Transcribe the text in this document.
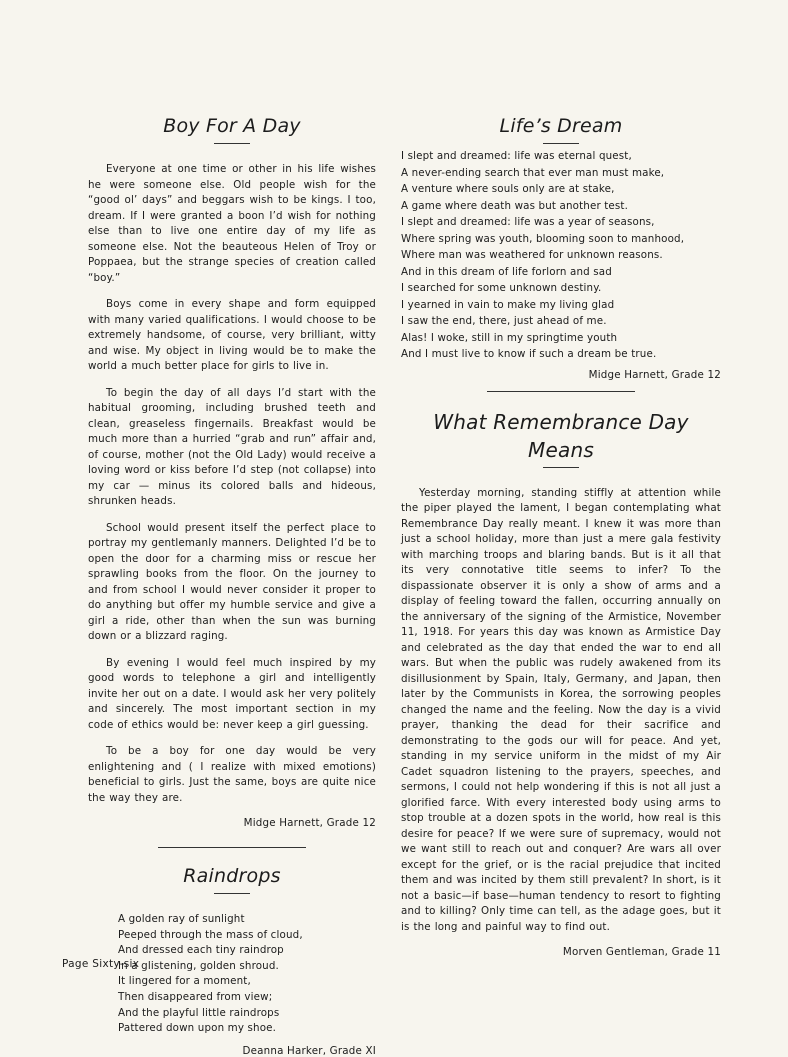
Boy For A Day

Everyone at one time or other in his life wishes he were someone else. Old people wish for the “good ol’ days” and beggars wish to be kings. I too, dream. If I were granted a boon I’d wish for nothing else than to live one entire day of my life as someone else. Not the beauteous Helen of Troy or Poppaea, but the strange species of creation called “boy.”

Boys come in every shape and form equipped with many varied qualifications. I would choose to be extremely handsome, of course, very brilliant, witty and wise. My object in living would be to make the world a much better place for girls to live in.

To begin the day of all days I’d start with the habitual grooming, including brushed teeth and clean, greaseless fingernails. Breakfast would be much more than a hurried “grab and run” affair and, of course, mother (not the Old Lady) would receive a loving word or kiss before I’d step (not collapse) into my car — minus its colored balls and hideous, shrunken heads.

School would present itself the perfect place to portray my gentlemanly manners. Delighted I’d be to open the door for a charming miss or rescue her sprawling books from the floor. On the journey to and from school I would never consider it proper to do anything but offer my humble service and give a girl a ride, other than when the sun was burning down or a blizzard raging.

By evening I would feel much inspired by my good words to telephone a girl and intelligently invite her out on a date. I would ask her very politely and sincerely. The most important section in my code of ethics would be: never keep a girl guessing.

To be a boy for one day would be very enlightening and ( I realize with mixed emotions) beneficial to girls. Just the same, boys are quite nice the way they are.

Midge Harnett, Grade 12

Raindrops
A golden ray of sunlight
Peeped through the mass of cloud,
And dressed each tiny raindrop
In a glistening, golden shroud.
It lingered for a moment,
Then disappeared from view;
And the playful little raindrops
Pattered down upon my shoe.

Deanna Harker, Grade XI

Life’s Dream
I slept and dreamed: life was eternal quest,
A never-ending search that ever man must make,
A venture where souls only are at stake,
A game where death was but another test.
I slept and dreamed: life was a year of seasons,
Where spring was youth, blooming soon to manhood,
Where man was weathered for unknown reasons.
And in this dream of life forlorn and sad
I searched for some unknown destiny.
I yearned in vain to make my living glad
I saw the end, there, just ahead of me.
Alas! I woke, still in my springtime youth
And I must live to know if such a dream be true.

Midge Harnett, Grade 12

What Remembrance Day Means

Yesterday morning, standing stiffly at attention while the piper played the lament, I began contemplating what Remembrance Day really meant. I knew it was more than just a school holiday, more than just a mere gala festivity with marching troops and blaring bands. But is it all that its very connotative title seems to infer? To the dispassionate observer it is only a show of arms and a display of feeling toward the fallen, occurring annually on the anniversary of the signing of the Armistice, November 11, 1918. For years this day was known as Armistice Day and celebrated as the day that ended the war to end all wars. But when the public was rudely awakened from its disillusionment by Spain, Italy, Germany, and Japan, then later by the Communists in Korea, the sorrowing peoples changed the name and the feeling. Now the day is a vivid prayer, thanking the dead for their sacrifice and demonstrating to the gods our will for peace. And yet, standing in my service uniform in the midst of my Air Cadet squadron listening to the prayers, speeches, and sermons, I could not help wondering if this is not all just a glorified farce. With every interested body using arms to stop trouble at a dozen spots in the world, how real is this desire for peace? If we were sure of supremacy, would not we want still to reach out and conquer? Are wars all over except for the grief, or is the racial prejudice that incited them and was incited by them still prevalent? In short, is it not a basic—if base—human tendency to resort to fighting and to killing? Only time can tell, as the adage goes, but it is the long and painful way to find out.

Morven Gentleman, Grade 11

Page Sixty-six
